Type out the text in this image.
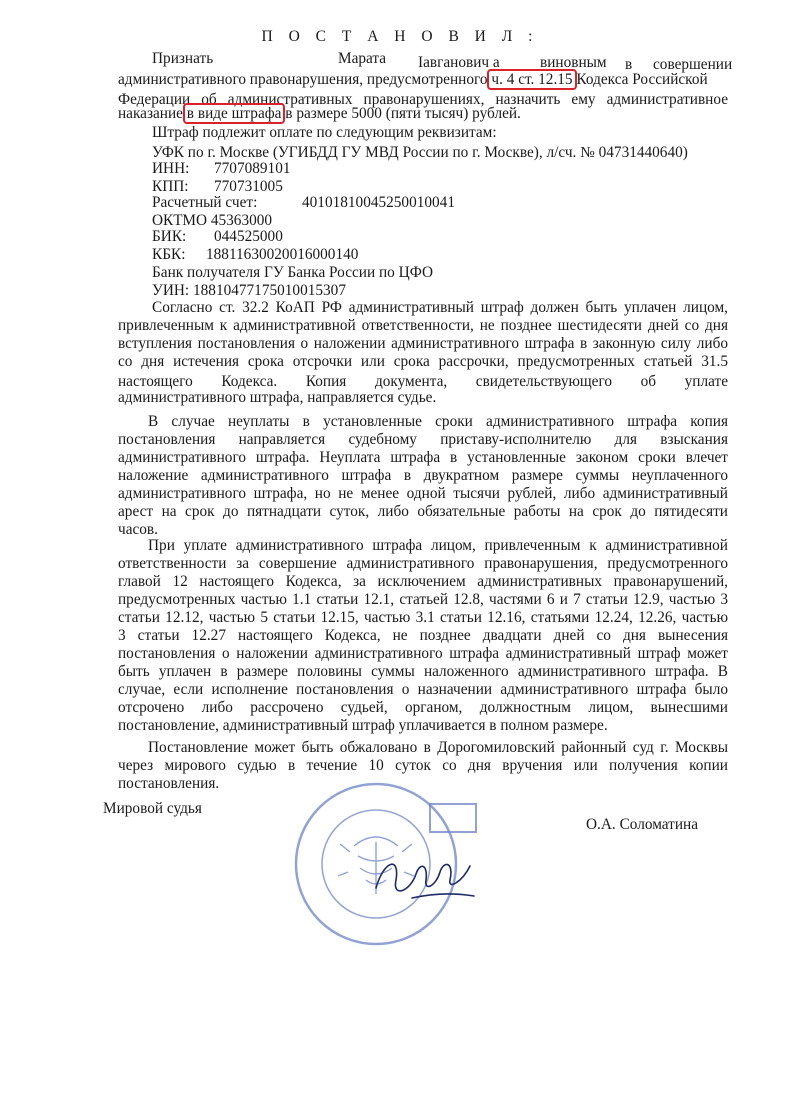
П О С Т А Н О В И Л :
Признать	Марата Іавганович а	виновным в совершении
административного правонарушения, предусмотренного ч. 4 ст. 12.15 Кодекса Российской
Федерации об административных правонарушениях, назначить ему административное
наказание в виде штрафа в размере 5000 (пяти тысяч) рублей.
Штраф подлежит оплате по следующим реквизитам:
УФК по г. Москве (УГИБДД ГУ МВД России по г. Москве), л/сч. № 04731440640)
ИНН: 7707089101
КПП: 770731005
Расчетный счет:	40101810045250010041
ОКТМО 45363000
БИК: 044525000
КБК: 18811630020016000140
Банк получателя ГУ Банка России по ЦФО
УИН: 18810477175010015307
Согласно ст. 32.2 КоАП РФ административный штраф должен быть уплачен лицом,
привлеченным к административной ответственности, не позднее шестидесяти дней со дня
вступления постановления о наложении административного штрафа в законную силу либо
со дня истечения срока отсрочки или срока рассрочки, предусмотренных статьей 31.5
настоящего Кодекса. Копия документа, свидетельствующего об уплате
административного штрафа, направляется судье.
В случае неуплаты в установленные сроки административного штрафа копия
постановления направляется судебному приставу-исполнителю для взыскания
административного штрафа. Неуплата штрафа в установленные законом сроки влечет
наложение административного штрафа в двукратном размере суммы неуплаченного
административного штрафа, но не менее одной тысячи рублей, либо административный
арест на срок до пятнадцати суток, либо обязательные работы на срок до пятидесяти
часов.
При уплате административного штрафа лицом, привлеченным к административной
ответственности за совершение административного правонарушения, предусмотренного
главой 12 настоящего Кодекса, за исключением административных правонарушений,
предусмотренных частью 1.1 статьи 12.1, статьей 12.8, частями 6 и 7 статьи 12.9, частью 3
статьи 12.12, частью 5 статьи 12.15, частью 3.1 статьи 12.16, статьями 12.24, 12.26, частью
3 статьи 12.27 настоящего Кодекса, не позднее двадцати дней со дня вынесения
постановления о наложении административного штрафа административный штраф может
быть уплачен в размере половины суммы наложенного административного штрафа. В
случае, если исполнение постановления о назначении административного штрафа было
отсрочено либо рассрочено судьей, органом, должностным лицом, вынесшими
постановление, административный штраф уплачивается в полном размере.
Постановление может быть обжаловано в Дорогомиловский районный суд г. Москвы
через мирового судью в течение 10 суток со дня вручения или получения копии
постановления.
Мировой судья
О.А. Соломатина
